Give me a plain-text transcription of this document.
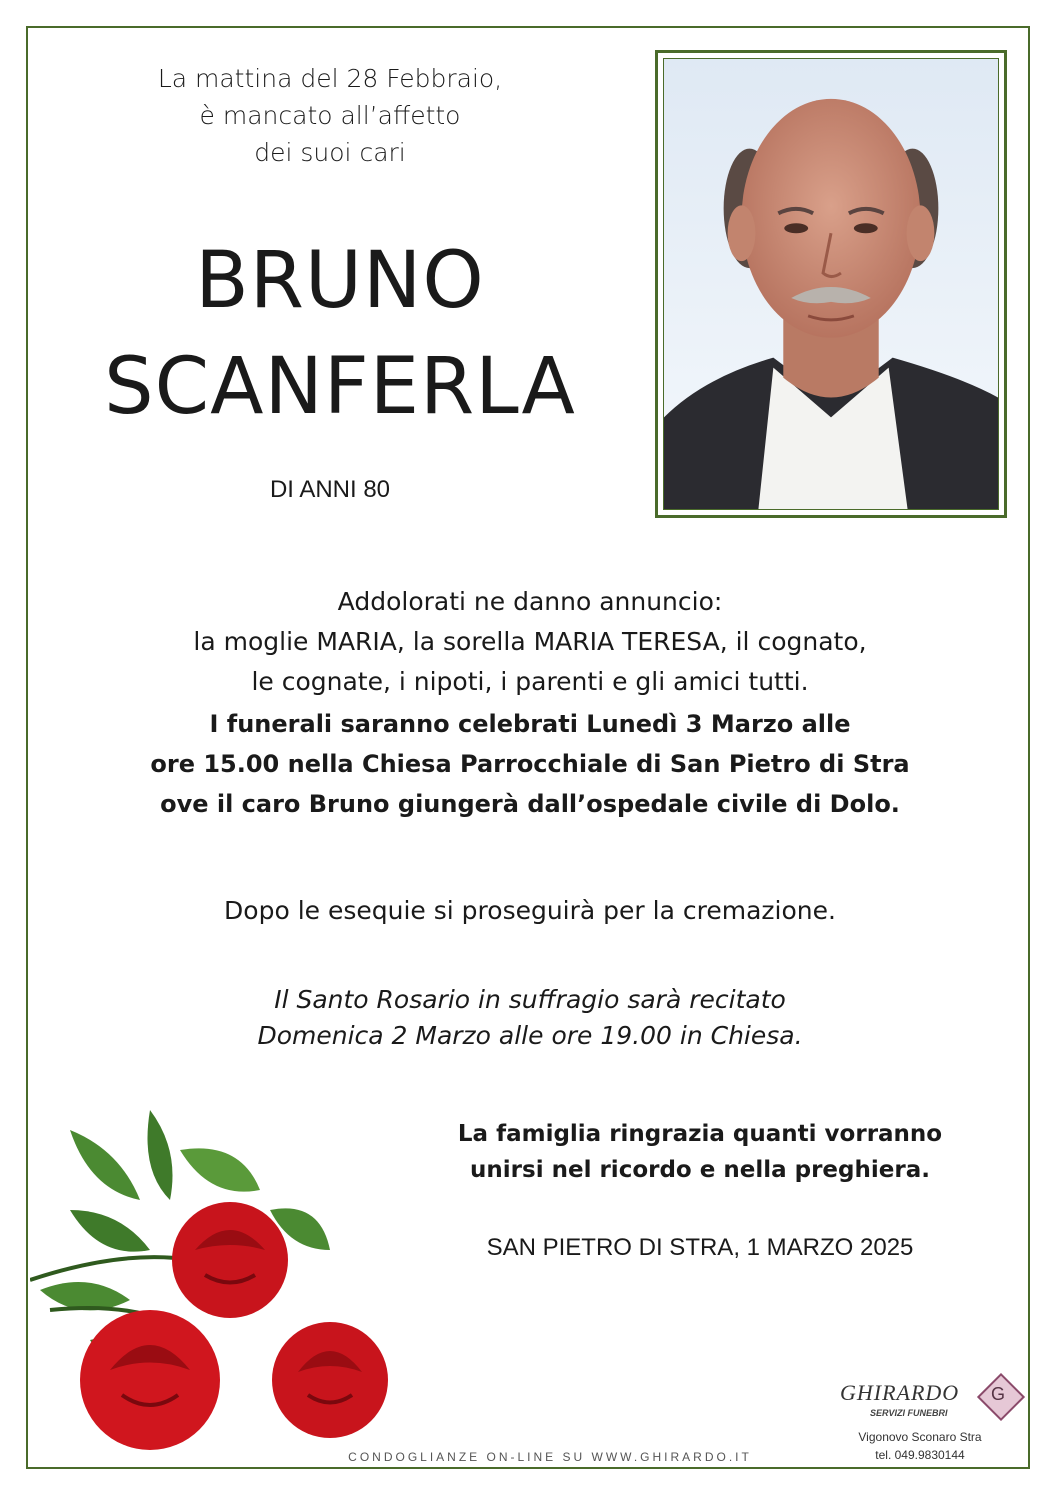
La mattina del 28 Febbraio,
è mancato all’affetto
dei suoi cari
BRUNO
SCANFERLA
DI ANNI 80
Addolorati ne danno annuncio:
la moglie MARIA, la sorella MARIA TERESA, il cognato,
le cognate, i nipoti, i parenti e gli amici tutti.
I funerali saranno celebrati Lunedì 3 Marzo alle
ore 15.00 nella Chiesa Parrocchiale di San Pietro di Stra
ove il caro Bruno giungerà dall’ospedale civile di Dolo.
Dopo le esequie si proseguirà per la cremazione.
Il Santo Rosario in suffragio sarà recitato
Domenica 2 Marzo alle ore 19.00 in Chiesa.
La famiglia ringrazia quanti vorranno
unirsi nel ricordo e nella preghiera.
SAN PIETRO DI STRA, 1 MARZO 2025
CONDOGLIANZE ON-LINE SU WWW.GHIRARDO.IT
GHIRARDO
SERVIZI FUNEBRI
G
Vigonovo Sconaro Stra
tel. 049.9830144
